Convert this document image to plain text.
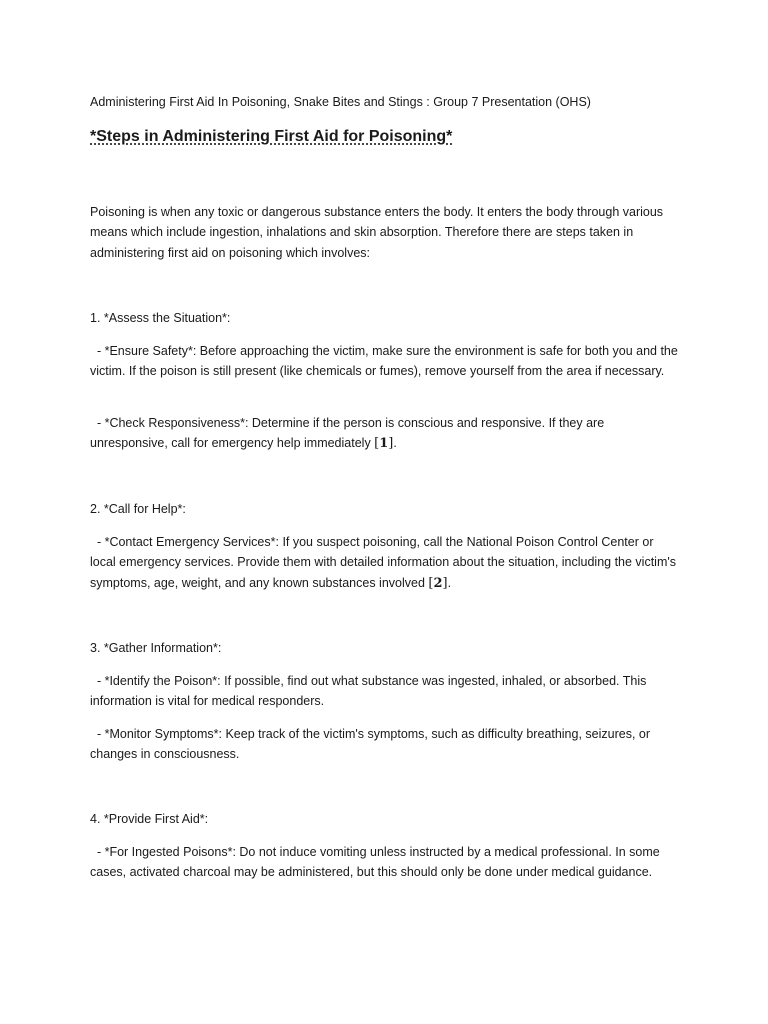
Administering First Aid In Poisoning, Snake Bites and Stings : Group 7 Presentation (OHS)
*Steps in Administering First Aid for Poisoning*

Poisoning is when any toxic or dangerous substance enters the body. It enters the body through various means which include ingestion, inhalations and skin absorption. Therefore there are steps taken in administering first aid on poisoning which involves:

1. *Assess the Situation*:

- *Ensure Safety*: Before approaching the victim, make sure the environment is safe for both you and the victim. If the poison is still present (like chemicals or fumes), remove yourself from the area if necessary.

- *Check Responsiveness*: Determine if the person is conscious and responsive. If they are unresponsive, call for emergency help immediately [1].

2. *Call for Help*:

- *Contact Emergency Services*: If you suspect poisoning, call the National Poison Control Center or local emergency services. Provide them with detailed information about the situation, including the victim's symptoms, age, weight, and any known substances involved [2].

3. *Gather Information*:

- *Identify the Poison*: If possible, find out what substance was ingested, inhaled, or absorbed. This information is vital for medical responders.

- *Monitor Symptoms*: Keep track of the victim's symptoms, such as difficulty breathing, seizures, or changes in consciousness.

4. *Provide First Aid*:

- *For Ingested Poisons*: Do not induce vomiting unless instructed by a medical professional. In some cases, activated charcoal may be administered, but this should only be done under medical guidance.
